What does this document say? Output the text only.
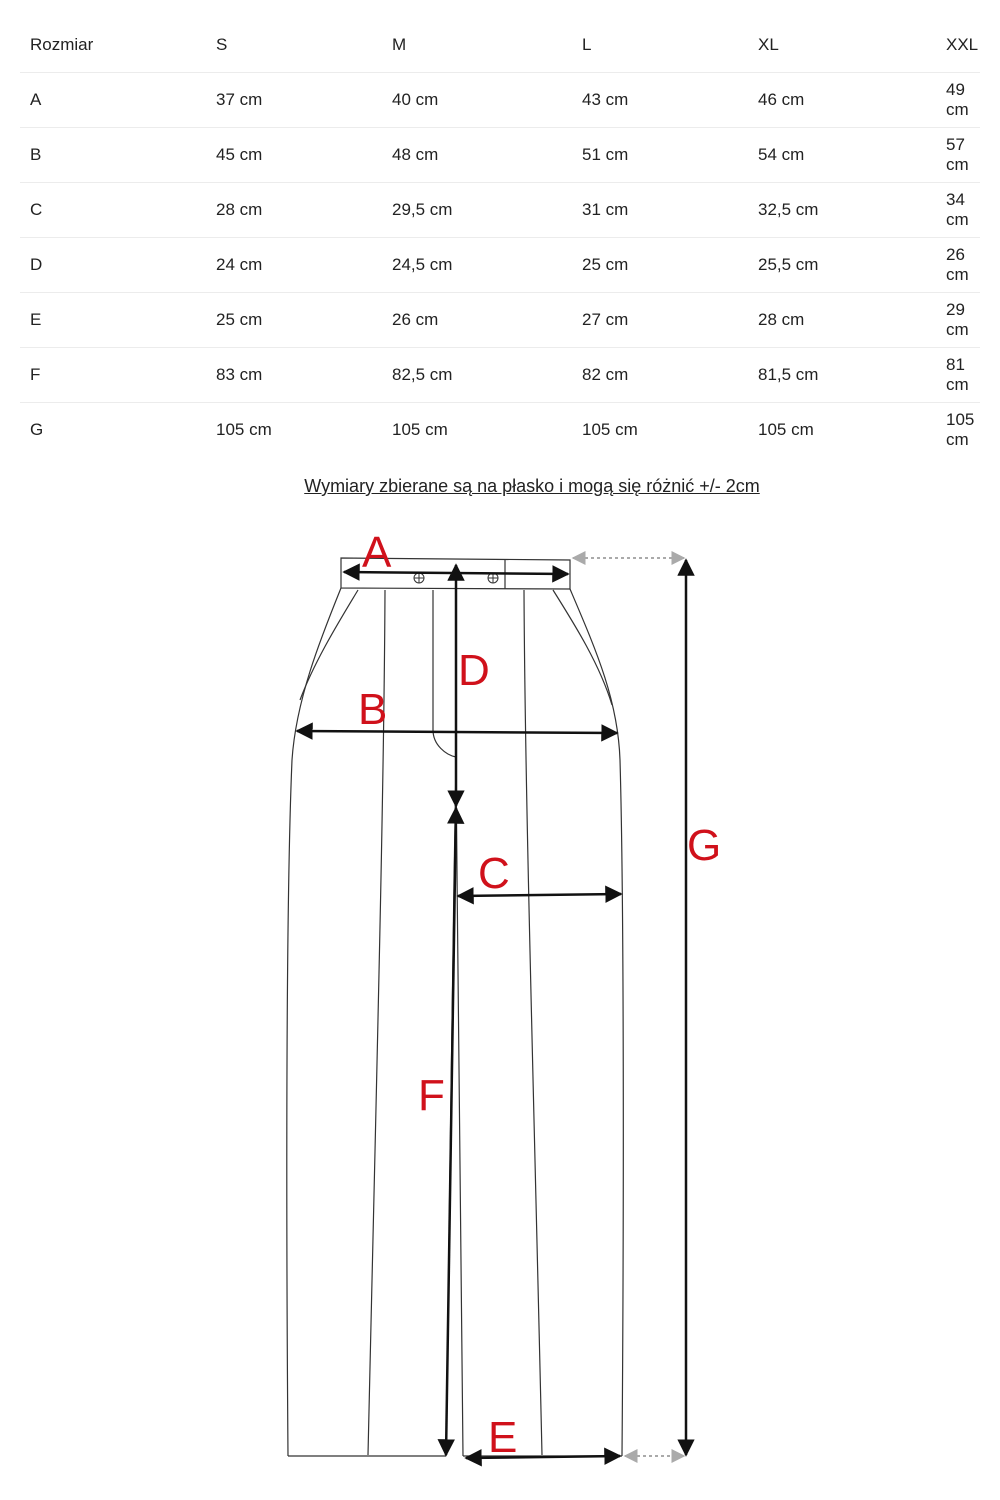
Rozmiar	S	M	L	XL	XXL
A	37 cm	40 cm	43 cm	46 cm	49 cm
B	45 cm	48 cm	51 cm	54 cm	57 cm
C	28 cm	29,5 cm	31 cm	32,5 cm	34 cm
D	24 cm	24,5 cm	25 cm	25,5 cm	26 cm
E	25 cm	26 cm	27 cm	28 cm	29 cm
F	83 cm	82,5 cm	82 cm	81,5 cm	81 cm
G	105 cm	105 cm	105 cm	105 cm	105 cm
Wymiary zbierane są na płasko i mogą się różnić +/- 2cm
A
B
C
D
E
F
G
